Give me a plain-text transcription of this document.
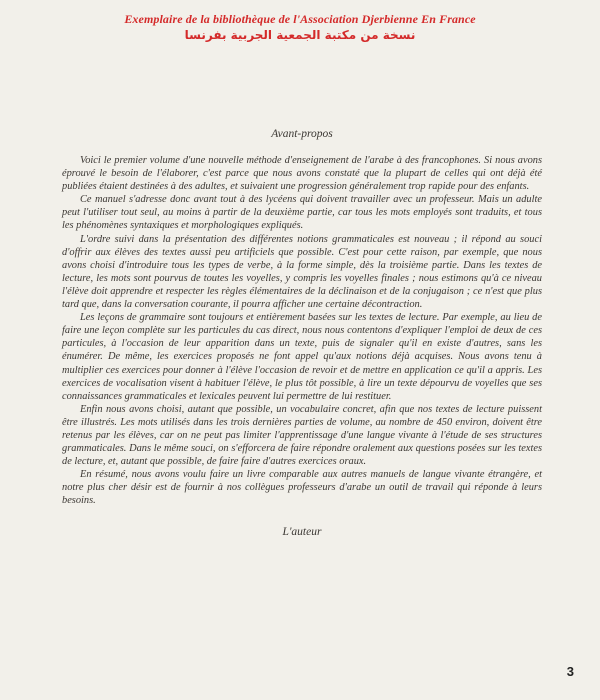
Exemplaire de la bibliothèque de l'Association Djerbienne En France
نسخة من مكتبة الجمعية الجربية بفرنسا
Avant-propos

Voici le premier volume d'une nouvelle méthode d'enseignement de l'arabe à des francophones. Si nous avons éprouvé le besoin de l'élaborer, c'est parce que nous avons constaté que la plupart de celles qui ont déjà été publiées étaient destinées à des adultes, et suivaient une progression généralement trop rapide pour des enfants.

Ce manuel s'adresse donc avant tout à des lycéens qui doivent travailler avec un professeur. Mais un adulte peut l'utiliser tout seul, au moins à partir de la deuxième partie, car tous les mots employés sont traduits, et tous les phénomènes syntaxiques et morphologiques expliqués.

L'ordre suivi dans la présentation des différentes notions grammaticales est nouveau ; il répond au souci d'offrir aux élèves des textes aussi peu artificiels que possible. C'est pour cette raison, par exemple, que nous avons choisi d'introduire tous les types de verbe, à la forme simple, dès la troisième partie. Dans les textes de lecture, les mots sont pourvus de toutes les voyelles, y compris les voyelles finales ; nous estimons qu'à ce niveau l'élève doit apprendre et respecter les règles élémentaires de la déclinaison et de la conjugaison ; ce n'est que plus tard que, dans la conversation courante, il pourra afficher une certaine décontraction.

Les leçons de grammaire sont toujours et entièrement basées sur les textes de lecture. Par exemple, au lieu de faire une leçon complète sur les particules du cas direct, nous nous contentons d'expliquer l'emploi de deux de ces particules, à l'occasion de leur apparition dans un texte, puis de signaler qu'il en existe d'autres, sans les énumérer. De même, les exercices proposés ne font appel qu'aux notions déjà acquises. Nous avons tenu à multiplier ces exercices pour donner à l'élève l'occasion de revoir et de mettre en application ce qu'il a appris. Les exercices de vocalisation visent à habituer l'élève, le plus tôt possible, à lire un texte dépourvu de voyelles que ses connaissances grammaticales et lexicales peuvent lui permettre de lui restituer.

Enfin nous avons choisi, autant que possible, un vocabulaire concret, afin que nos textes de lecture puissent être illustrés. Les mots utilisés dans les trois dernières parties de volume, au nombre de 450 environ, doivent être retenus par les élèves, car on ne peut pas limiter l'apprentissage d'une langue vivante à l'étude de ses structures grammaticales. Dans le même souci, on s'efforcera de faire répondre oralement aux questions posées sur les textes de lecture, et, autant que possible, de faire faire d'autres exercices oraux.

En résumé, nous avons voulu faire un livre comparable aux autres manuels de langue vivante étrangère, et notre plus cher désir est de fournir à nos collègues professeurs d'arabe un outil de travail qui réponde à leurs besoins.

L'auteur
3
